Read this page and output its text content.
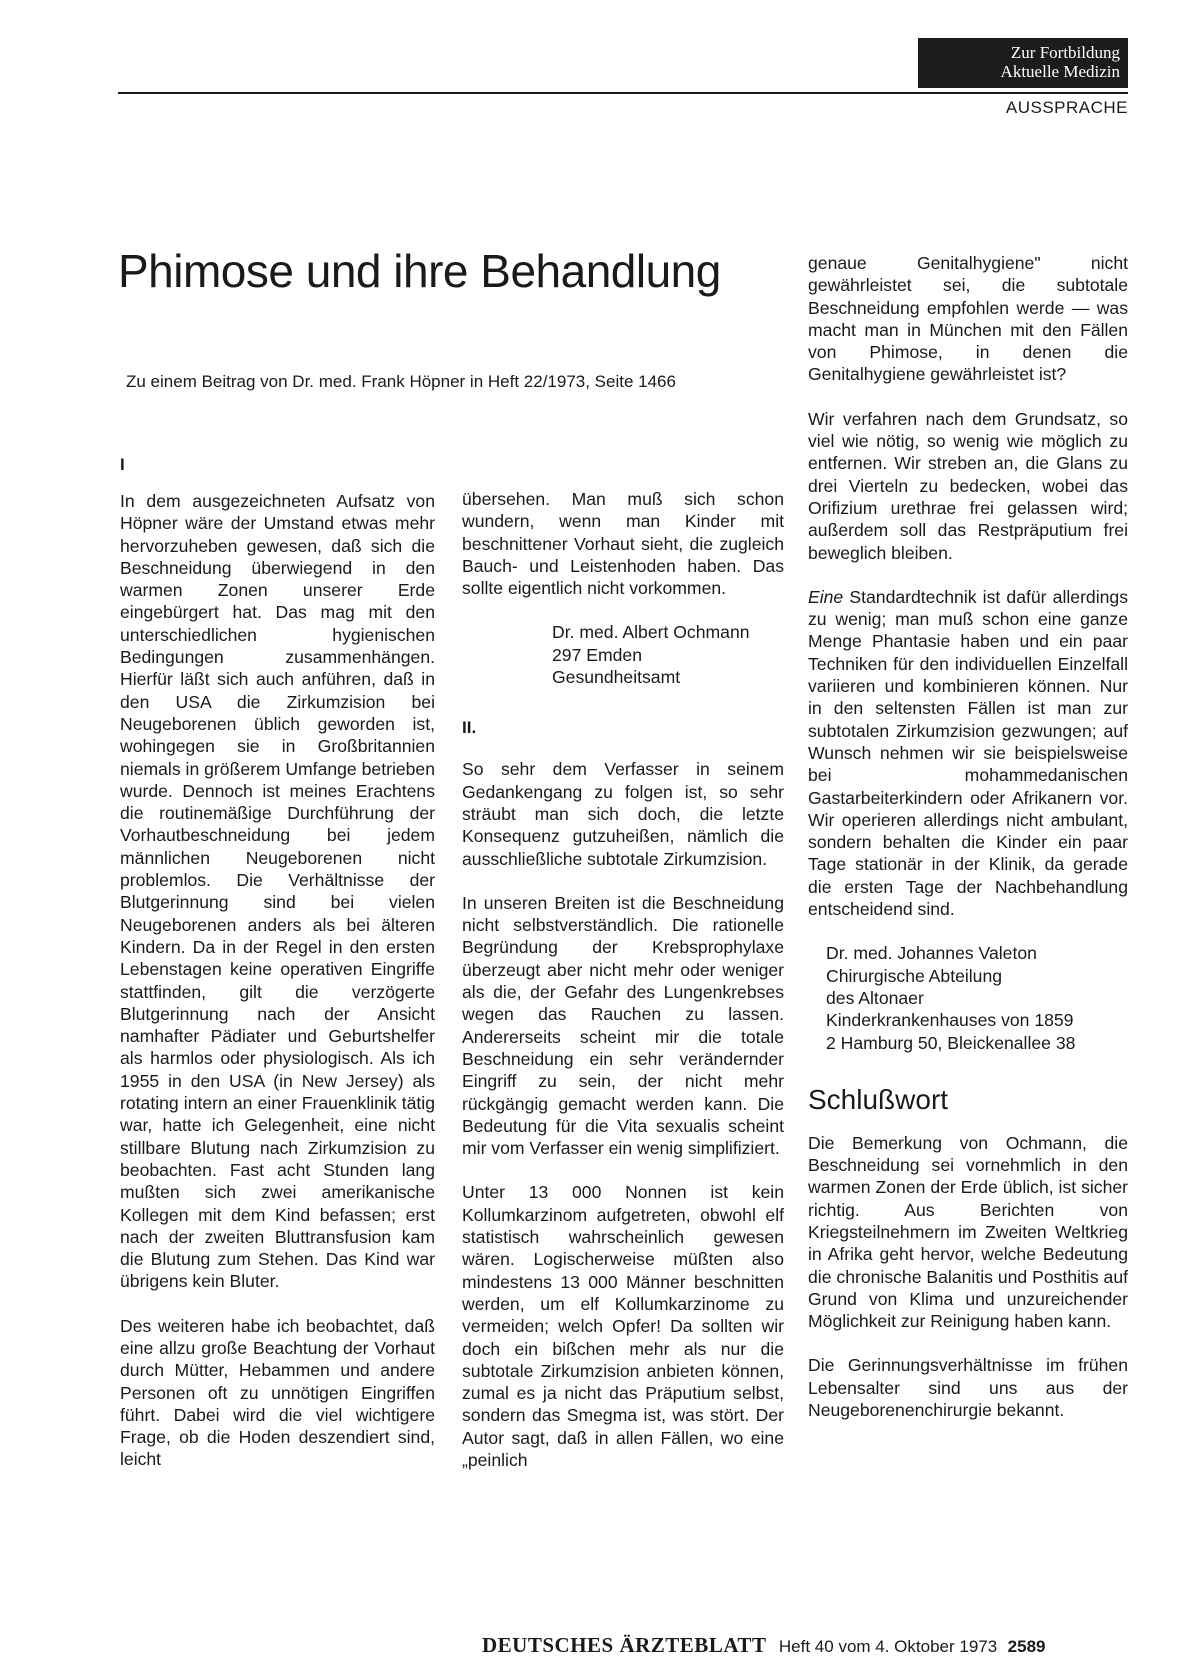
Zur Fortbildung
Aktuelle Medizin
AUSSPRACHE
Phimose und ihre Behandlung
Zu einem Beitrag von Dr. med. Frank Höpner in Heft 22/1973, Seite 1466

In dem ausgezeichneten Aufsatz von Höpner wäre der Umstand etwas mehr hervorzuheben gewesen, daß sich die Beschneidung überwiegend in den warmen Zonen unserer Erde eingebürgert hat. Das mag mit den unterschiedlichen hygienischen Bedingungen zusammenhängen. Hierfür läßt sich auch anführen, daß in den USA die Zirkumzision bei Neugeborenen üblich geworden ist, wohingegen sie in Großbritannien niemals in größerem Umfange betrieben wurde. Dennoch ist meines Erachtens die routinemäßige Durchführung der Vorhautbeschneidung bei jedem männlichen Neugeborenen nicht problemlos. Die Verhältnisse der Blutgerinnung sind bei vielen Neugeborenen anders als bei älteren Kindern. Da in der Regel in den ersten Lebenstagen keine operativen Eingriffe stattfinden, gilt die verzögerte Blutgerinnung nach der Ansicht namhafter Pädiater und Geburtshelfer als harmlos oder physiologisch. Als ich 1955 in den USA (in New Jersey) als rotating intern an einer Frauenklinik tätig war, hatte ich Gelegenheit, eine nicht stillbare Blutung nach Zirkumzision zu beobachten. Fast acht Stunden lang mußten sich zwei amerikanische Kollegen mit dem Kind befassen; erst nach der zweiten Bluttransfusion kam die Blutung zum Stehen. Das Kind war übrigens kein Bluter.

Des weiteren habe ich beobachtet, daß eine allzu große Beachtung der Vorhaut durch Mütter, Hebammen und andere Personen oft zu unnötigen Eingriffen führt. Dabei wird die viel wichtigere Frage, ob die Hoden deszendiert sind, leicht

I

übersehen. Man muß sich schon wundern, wenn man Kinder mit beschnittener Vorhaut sieht, die zugleich Bauch- und Leistenhoden haben. Das sollte eigentlich nicht vorkommen.

Dr. med. Albert Ochmann
297 Emden
Gesundheitsamt
II.

So sehr dem Verfasser in seinem Gedankengang zu folgen ist, so sehr sträubt man sich doch, die letzte Konsequenz gutzuheißen, nämlich die ausschließliche subtotale Zirkumzision.

In unseren Breiten ist die Beschneidung nicht selbstverständlich. Die rationelle Begründung der Krebsprophylaxe überzeugt aber nicht mehr oder weniger als die, der Gefahr des Lungenkrebses wegen das Rauchen zu lassen. Andererseits scheint mir die totale Beschneidung ein sehr verändernder Eingriff zu sein, der nicht mehr rückgängig gemacht werden kann. Die Bedeutung für die Vita sexualis scheint mir vom Verfasser ein wenig simplifiziert.

Unter 13 000 Nonnen ist kein Kollumkarzinom aufgetreten, obwohl elf statistisch wahrscheinlich gewesen wären. Logischerweise müßten also mindestens 13 000 Männer beschnitten werden, um elf Kollumkarzinome zu vermeiden; welch Opfer! Da sollten wir doch ein bißchen mehr als nur die subtotale Zirkumzision anbieten können, zumal es ja nicht das Präputium selbst, sondern das Smegma ist, was stört. Der Autor sagt, daß in allen Fällen, wo eine „peinlich

genaue Genitalhygiene" nicht gewährleistet sei, die subtotale Beschneidung empfohlen werde — was macht man in München mit den Fällen von Phimose, in denen die Genitalhygiene gewährleistet ist?

Wir verfahren nach dem Grundsatz, so viel wie nötig, so wenig wie möglich zu entfernen. Wir streben an, die Glans zu drei Vierteln zu bedecken, wobei das Orifizium urethrae frei gelassen wird; außerdem soll das Restpräputium frei beweglich bleiben.

Eine Standardtechnik ist dafür allerdings zu wenig; man muß schon eine ganze Menge Phantasie haben und ein paar Techniken für den individuellen Einzelfall variieren und kombinieren können. Nur in den seltensten Fällen ist man zur subtotalen Zirkumzision gezwungen; auf Wunsch nehmen wir sie beispielsweise bei mohammedanischen Gastarbeiterkindern oder Afrikanern vor. Wir operieren allerdings nicht ambulant, sondern behalten die Kinder ein paar Tage stationär in der Klinik, da gerade die ersten Tage der Nachbehandlung entscheidend sind.

Dr. med. Johannes Valeton
Chirurgische Abteilung
des Altonaer
Kinderkrankenhauses von 1859
2 Hamburg 50, Bleickenallee 38
Schlußwort

Die Bemerkung von Ochmann, die Beschneidung sei vornehmlich in den warmen Zonen der Erde üblich, ist sicher richtig. Aus Berichten von Kriegsteilnehmern im Zweiten Weltkrieg in Afrika geht hervor, welche Bedeutung die chronische Balanitis und Posthitis auf Grund von Klima und unzureichender Möglichkeit zur Reinigung haben kann.

Die Gerinnungsverhältnisse im frühen Lebensalter sind uns aus der Neugeborenenchirurgie bekannt.

DEUTSCHES ÄRZTEBLATT Heft 40 vom 4. Oktober 1973 2589
